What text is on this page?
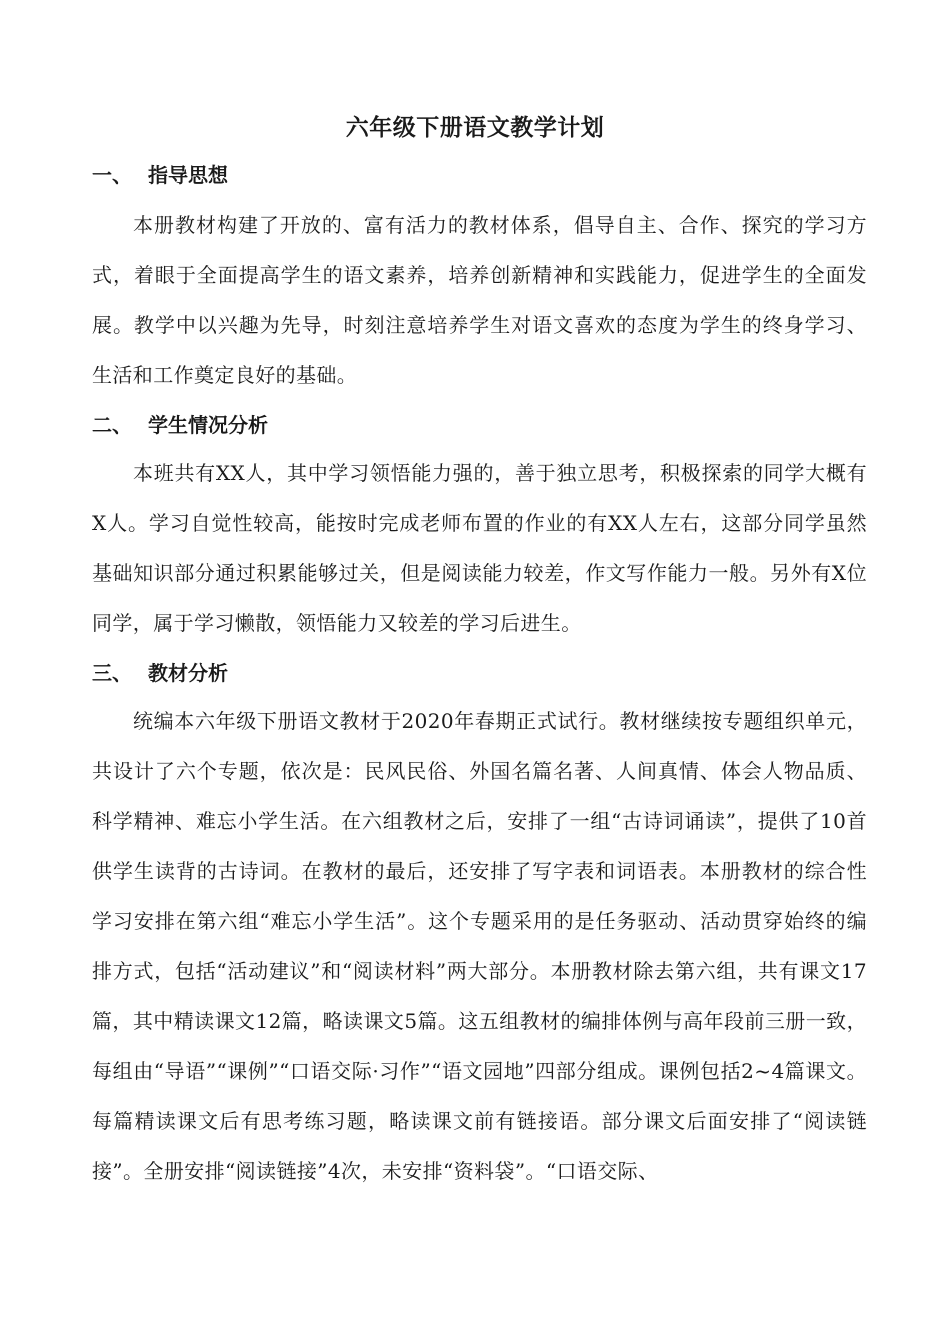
六年级下册语文教学计划
一、 指导思想
本册教材构建了开放的、富有活力的教材体系，倡导自主、合作、探究的学习方式，着眼于全面提高学生的语文素养，培养创新精神和实践能力，促进学生的全面发展。教学中以兴趣为先导，时刻注意培养学生对语文喜欢的态度为学生的终身学习、生活和工作奠定良好的基础。
二、 学生情况分析
本班共有XX人，其中学习领悟能力强的，善于独立思考，积极探索的同学大概有X人。学习自觉性较高，能按时完成老师布置的作业的有XX人左右，这部分同学虽然基础知识部分通过积累能够过关，但是阅读能力较差，作文写作能力一般。另外有X位同学，属于学习懒散，领悟能力又较差的学习后进生。
三、 教材分析
统编本六年级下册语文教材于2020年春期正式试行。教材继续按专题组织单元，共设计了六个专题，依次是：民风民俗、外国名篇名著、人间真情、体会人物品质、科学精神、难忘小学生活。在六组教材之后，安排了一组“古诗词诵读”，提供了10首供学生读背的古诗词。在教材的最后，还安排了写字表和词语表。本册教材的综合性学习安排在第六组“难忘小学生活”。这个专题采用的是任务驱动、活动贯穿始终的编排方式，包括“活动建议”和“阅读材料”两大部分。本册教材除去第六组，共有课文17篇，其中精读课文12篇，略读课文5篇。这五组教材的编排体例与高年段前三册一致，每组由“导语”“课例”“口语交际·习作”“语文园地”四部分组成。课例包括2~4篇课文。每篇精读课文后有思考练习题，略读课文前有链接语。部分课文后面安排了“阅读链接”。全册安排“阅读链接”4次，未安排“资料袋”。“口语交际、
